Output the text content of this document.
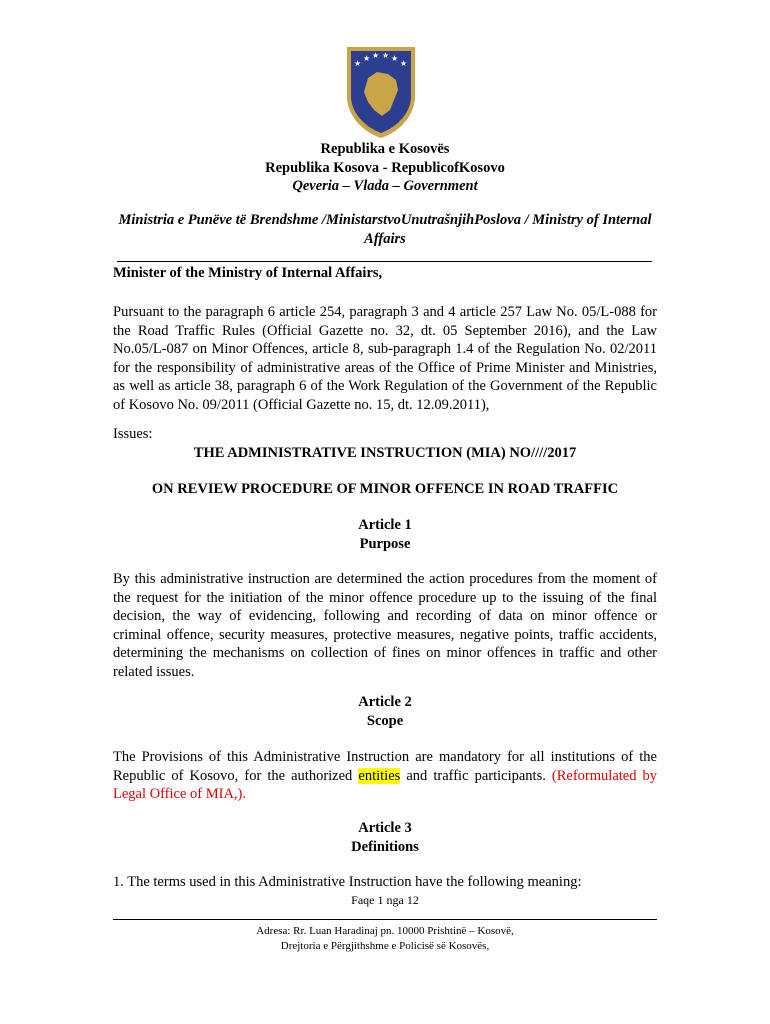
★
★ ★ ★ ★
★
Republika e Kosovës
Republika Kosova - RepublicofKosovo
Qeveria – Vlada – Government
Ministria e Punëve të Brendshme /MinistarstvoUnutrašnjihPoslova / Ministry of Internal Affairs
Minister of the Ministry of Internal Affairs,
Pursuant to the paragraph 6 article 254, paragraph 3 and 4 article 257 Law No. 05/L-088 for the Road Traffic Rules (Official Gazette no. 32, dt. 05 September 2016), and the Law No.05/L-087 on Minor Offences, article 8, sub-paragraph 1.4 of the Regulation No. 02/2011 for the responsibility of administrative areas of the Office of Prime Minister and Ministries, as well as article 38, paragraph 6 of the Work Regulation of the Government of the Republic of Kosovo No. 09/2011 (Official Gazette no. 15, dt. 12.09.2011),
Issues:
THE ADMINISTRATIVE INSTRUCTION (MIA) NO////2017
ON REVIEW PROCEDURE OF MINOR OFFENCE IN ROAD TRAFFIC
Article 1
Purpose
By this administrative instruction are determined the action procedures from the moment of the request for the initiation of the minor offence procedure up to the issuing of the final decision, the way of evidencing, following and recording of data on minor offence or criminal offence, security measures, protective measures, negative points, traffic accidents, determining the mechanisms on collection of fines on minor offences in traffic and other related issues.
Article 2
Scope
The Provisions of this Administrative Instruction are mandatory for all institutions of the Republic of Kosovo, for the authorized entities and traffic participants. (Reformulated by Legal Office of MIA,).
Article 3
Definitions
1. The terms used in this Administrative Instruction have the following meaning:
Faqe 1 nga 12
Adresa: Rr. Luan Haradinaj pn. 10000 Prishtinë – Kosovë,
Drejtoria e Përgjithshme e Policisë së Kosovës,
